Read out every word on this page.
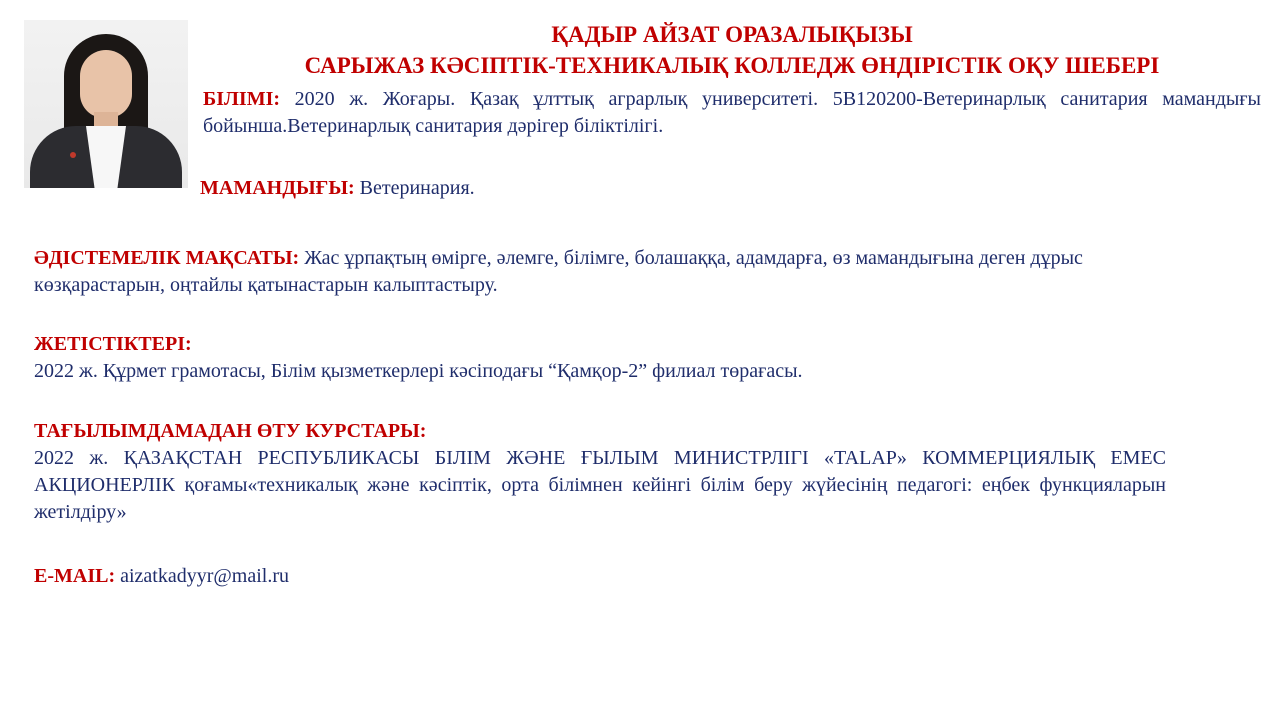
ҚАДЫР АЙЗАТ ОРАЗАЛЫҚЫЗЫ
САРЫЖАЗ КӘСІПТІК-ТЕХНИКАЛЫҚ КОЛЛЕДЖ ӨНДІРІСТІК ОҚУ ШЕБЕРІ

БІЛІМІ: 2020 ж. Жоғары. Қазақ ұлттық аграрлық университеті. 5В120200-Ветеринарлық санитария мамандығы бойынша.Ветеринарлық санитария дәрігер біліктілігі.

МАМАНДЫҒЫ: Ветеринария.

ӘДІСТЕМЕЛІК МАҚСАТЫ: Жас ұрпақтың өмірге, әлемге, білімге, болашаққа, адамдарға, өз мамандығына деген дұрыс көзқарастарын, оңтайлы қатынастарын калыптастыру.

ЖЕТІСТІКТЕРІ:
2022 ж. Құрмет грамотасы, Білім қызметкерлері кәсіподағы “Қамқор-2” филиал төрағасы.
ТАҒЫЛЫМДАМАДАН ӨТУ КУРСТАРЫ:
2022 ж. ҚАЗАҚСТАН РЕСПУБЛИКАСЫ БІЛІМ ЖӘНЕ ҒЫЛЫМ МИНИСТРЛІГІ «TALAP» КОММЕРЦИЯЛЫҚ ЕМЕС АКЦИОНЕРЛІК қоғамы«техникалық және кәсіптік, орта білімнен кейінгі білім беру жүйесінің педагогі: еңбек функцияларын жетілдіру»

E-MAIL: aizatkadyyr@mail.ru
